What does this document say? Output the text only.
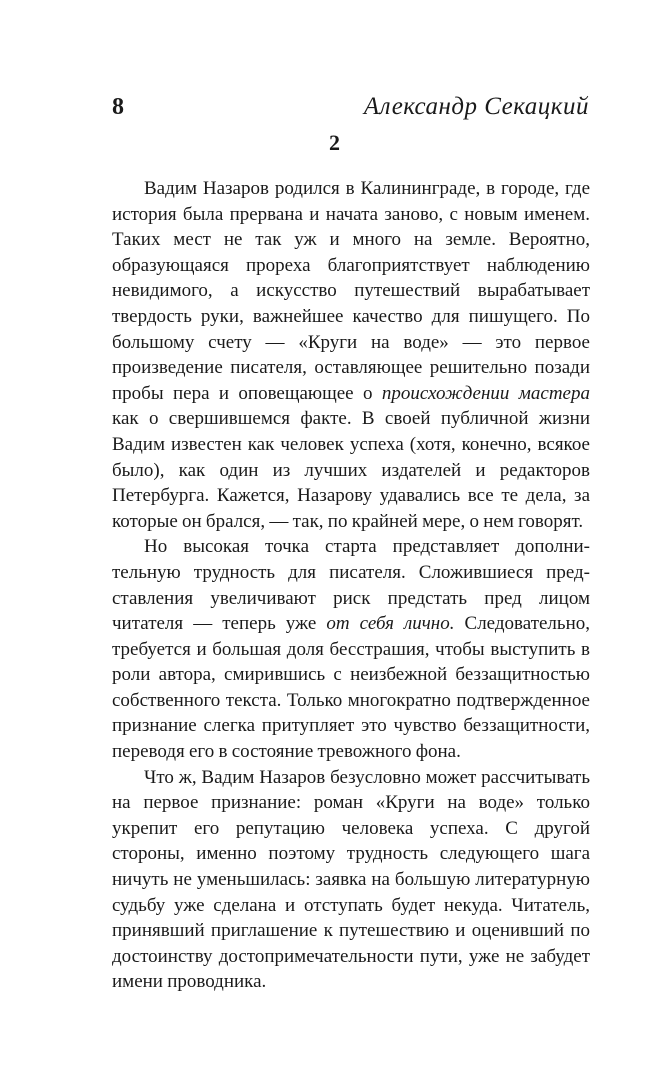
8	Александр Секацкий
2

Вадим Назаров родился в Калининграде, в городе, где история была прервана и начата заново, с новым именем. Таких мест не так уж и много на земле. Вероятно, образующаяся прореха благоприятствует наблюдению невидимого, а искусство путешествий вырабатывает твердость руки, важнейшее качество для пишущего. По большому счету — «Круги на воде» — это первое произведение писателя, оставляющее решительно позади пробы пера и оповещающее о происхождении мастера как о свершившемся факте. В своей публичной жизни Вадим известен как человек успеха (хотя, конечно, всякое было), как один из лучших издателей и редакторов Петербурга. Кажется, Назарову удавались все те дела, за которые он брался, — так, по крайней мере, о нем говорят.

Но высокая точка старта представляет дополнительную трудность для писателя. Сложившиеся представления увеличивают риск предстать пред лицом читателя — теперь уже от себя лично. Следовательно, требуется и большая доля бесстрашия, чтобы выступить в роли автора, смирившись с неизбежной беззащитностью собственного текста. Только многократно подтвержденное признание слегка притупляет это чувство беззащитности, переводя его в состояние тревожного фона.

Что ж, Вадим Назаров безусловно может рассчитывать на первое признание: роман «Круги на воде» только укрепит его репутацию человека успеха. С другой стороны, именно поэтому трудность следующего шага ничуть не уменьшилась: заявка на большую литературную судьбу уже сделана и отступать будет некуда. Читатель, принявший приглашение к путешествию и оценивший по достоинству достопримечательности пути, уже не забудет имени проводника.
